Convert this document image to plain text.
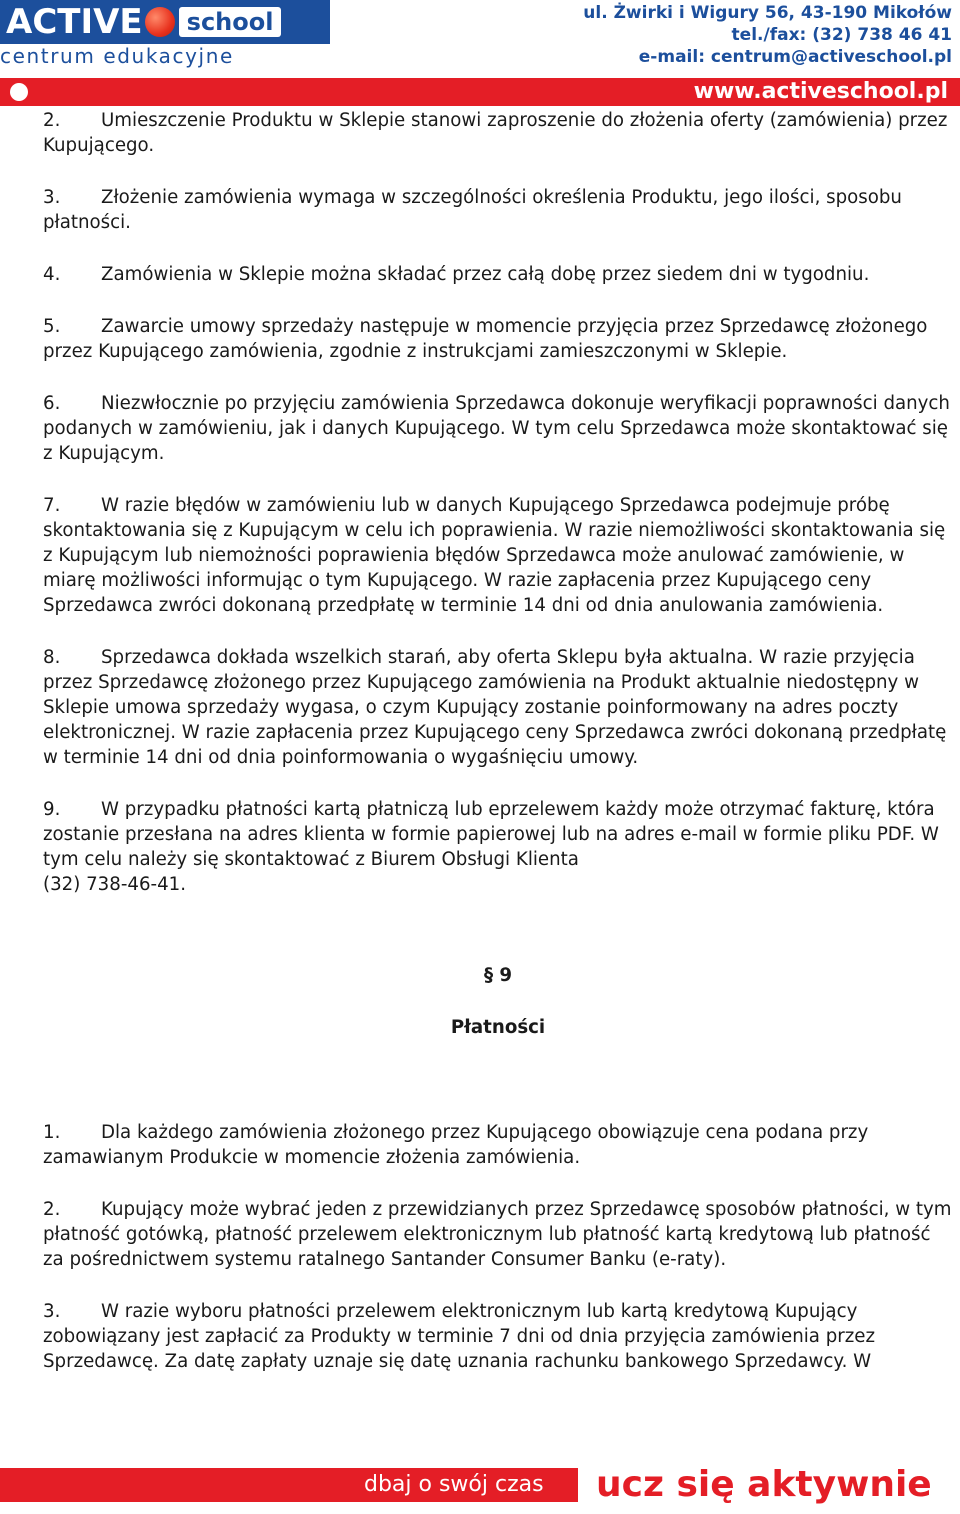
ACTIVE	school
centrum edukacyjne
ul. Żwirki i Wigury 56, 43-190 Mikołów
tel./fax: (32) 738 46 41
e-mail: centrum@activeschool.pl
www.activeschool.pl

2. Umieszczenie Produktu w Sklepie stanowi zaproszenie do złożenia oferty (zamówienia) przez Kupującego.

3. Złożenie zamówienia wymaga w szczególności określenia Produktu, jego ilości, sposobu płatności.

4. Zamówienia w Sklepie można składać przez całą dobę przez siedem dni w tygodniu.

5. Zawarcie umowy sprzedaży następuje w momencie przyjęcia przez Sprzedawcę złożonego przez Kupującego zamówienia, zgodnie z instrukcjami zamieszczonymi w Sklepie.

6. Niezwłocznie po przyjęciu zamówienia Sprzedawca dokonuje weryfikacji poprawności danych podanych w zamówieniu, jak i danych Kupującego. W tym celu Sprzedawca może skontaktować się z Kupującym.

7. W razie błędów w zamówieniu lub w danych Kupującego Sprzedawca podejmuje próbę skontaktowania się z Kupującym w celu ich poprawienia. W razie niemożliwości skontaktowania się z Kupującym lub niemożności poprawienia błędów Sprzedawca może anulować zamówienie, w miarę możliwości informując o tym Kupującego. W razie zapłacenia przez Kupującego ceny Sprzedawca zwróci dokonaną przedpłatę w terminie 14 dni od dnia anulowania zamówienia.

8. Sprzedawca dokłada wszelkich starań, aby oferta Sklepu była aktualna. W razie przyjęcia przez Sprzedawcę złożonego przez Kupującego zamówienia na Produkt aktualnie niedostępny w Sklepie umowa sprzedaży wygasa, o czym Kupujący zostanie poinformowany na adres poczty elektronicznej. W razie zapłacenia przez Kupującego ceny Sprzedawca zwróci dokonaną przedpłatę w terminie 14 dni od dnia poinformowania o wygaśnięciu umowy.

9. W przypadku płatności kartą płatniczą lub eprzelewem każdy może otrzymać fakturę, która zostanie przesłana na adres klienta w formie papierowej lub na adres e-mail w formie pliku PDF. W tym celu należy się skontaktować z Biurem Obsługi Klienta
(32) 738-46-41.

§ 9

Płatności

1. Dla każdego zamówienia złożonego przez Kupującego obowiązuje cena podana przy zamawianym Produkcie w momencie złożenia zamówienia.

2. Kupujący może wybrać jeden z przewidzianych przez Sprzedawcę sposobów płatności, w tym płatność gotówką, płatność przelewem elektronicznym lub płatność kartą kredytową lub płatność za pośrednictwem systemu ratalnego Santander Consumer Banku (e-raty).

3. W razie wyboru płatności przelewem elektronicznym lub kartą kredytową Kupujący zobowiązany jest zapłacić za Produkty w terminie 7 dni od dnia przyjęcia zamówienia przez Sprzedawcę. Za datę zapłaty uznaje się datę uznania rachunku bankowego Sprzedawcy. W

dbaj o swój czas ucz się aktywnie
